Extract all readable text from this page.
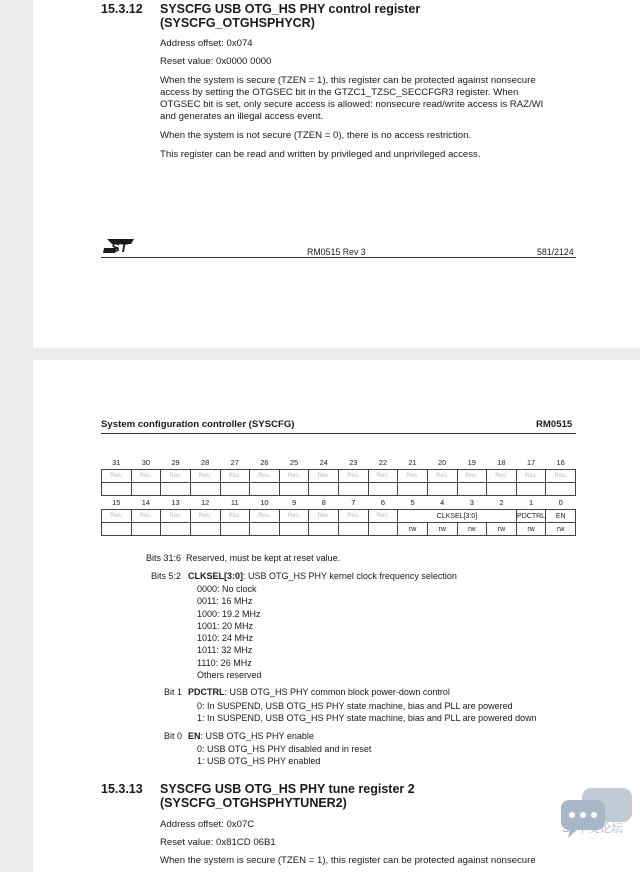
15.3.12 SYSCFG USB OTG_HS PHY control register
(SYSCFG_OTGHSPHYCR)
Address offset: 0x074
Reset value: 0x0000 0000
When the system is secure (TZEN = 1), this register can be protected against nonsecure
access by setting the OTGSEC bit in the GTZC1_TZSC_SECCFGR3 register. When
OTGSEC bit is set, only secure access is allowed: nonsecure read/write access is RAZ/WI
and generates an illegal access event.
When the system is not secure (TZEN = 0), there is no access restriction.
This register can be read and written by privileged and unprivileged access.
ST	RM0515 Rev 3	581/2124
System configuration controller (SYSCFG)	RM0515
31	30	29	28	27	26	25	24	23	22	21	20	19	18	17	16
Res.	Res.	Res.	Res.	Res.	Res.	Res.	Res.	Res.	Res.	Res.	Res.	Res.	Res.	Res.	Res.

15	14	13	12	11	10	9	8	7	6	5	4	3	2	1	0
Res.	Res.	Res.	Res.	Res.	Res.	Res.	Res.	Res.	Res.	CLKSEL[3:0]				PDCTRL	EN
										rw	rw	rw	rw	rw	rw
Bits 31:6 Reserved, must be kept at reset value.
Bits 5:2 CLKSEL[3:0]: USB OTG_HS PHY kernel clock frequency selection
0000: No clock
0011: 16 MHz
1000: 19.2 MHz
1001: 20 MHz
1010: 24 MHz
1011: 32 MHz
1110: 26 MHz
Others reserved
Bit 1 PDCTRL: USB OTG_HS PHY common block power-down control
0: In SUSPEND, USB OTG_HS PHY state machine, bias and PLL are powered
1: In SUSPEND, USB OTG_HS PHY state machine, bias and PLL are powered down
Bit 0 EN: USB OTG_HS PHY enable
0: USB OTG_HS PHY disabled and in reset
1: USB OTG_HS PHY enabled
15.3.13 SYSCFG USB OTG_HS PHY tune register 2
(SYSCFG_OTGHSPHYTUNER2)
Address offset: 0x07C
Reset value: 0x81CD 06B1
When the system is secure (TZEN = 1), this register can be protected against nonsecure
ST中文论坛
